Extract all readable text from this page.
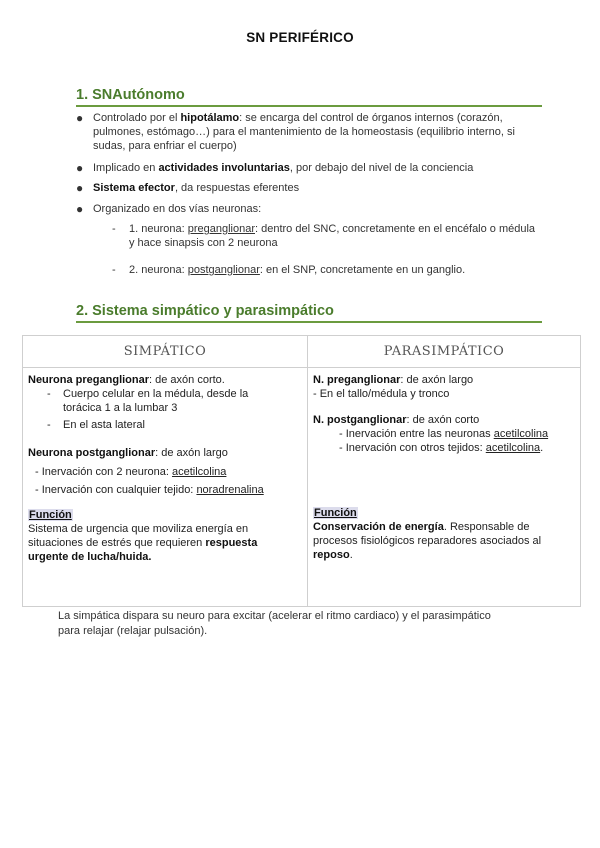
SN PERIFÉRICO
1. SNAutónomo
● Controlado por el hipotálamo: se encarga del control de órganos internos (corazón, pulmones, estómago…) para el mantenimiento de la homeostasis (equilibrio interno, si sudas, para enfriar el cuerpo)
● Implicado en actividades involuntarias, por debajo del nivel de la conciencia
● Sistema efector, da respuestas eferentes
● Organizado en dos vías neuronas:
- 1. neurona: preganglionar: dentro del SNC, concretamente en el encéfalo o médula y hace sinapsis con 2 neurona
- 2. neurona: postganglionar: en el SNP, concretamente en un ganglio.
2. Sistema simpático y parasimpático
SIMPÁTICO	PARASIMPÁTICO
Neurona preganglionar: de axón corto.
- Cuerpo celular en la médula, desde la torácica 1 a la lumbar 3
- En el asta lateral
Neurona postganglionar: de axón largo
- Inervación con 2 neurona: acetilcolina
- Inervación con cualquier tejido: noradrenalina
Función
Sistema de urgencia que moviliza energía en situaciones de estrés que requieren respuesta urgente de lucha/huida.
N. preganglionar: de axón largo
- En el tallo/médula y tronco
N. postganglionar: de axón corto
- Inervación entre las neuronas acetilcolina
- Inervación con otros tejidos: acetilcolina.
Función
Conservación de energía. Responsable de procesos fisiológicos reparadores asociados al reposo.
La simpática dispara su neuro para excitar (acelerar el ritmo cardiaco) y el parasimpático para relajar (relajar pulsación).
